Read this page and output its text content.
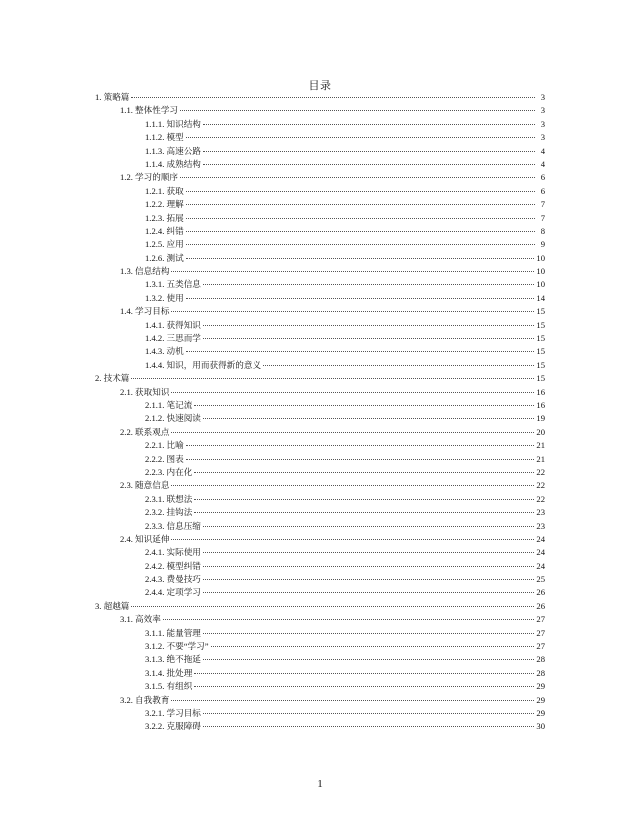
目录
1. 策略篇	3
1.1. 整体性学习	3
1.1.1. 知识结构	3
1.1.2. 模型	3
1.1.3. 高速公路	4
1.1.4. 成熟结构	4
1.2. 学习的顺序	6
1.2.1. 获取	6
1.2.2. 理解	7
1.2.3. 拓展	7
1.2.4. 纠错	8
1.2.5. 应用	9
1.2.6. 测试	10
1.3. 信息结构	10
1.3.1. 五类信息	10
1.3.2. 使用	14
1.4. 学习目标	15
1.4.1. 获得知识	15
1.4.2. 三思而学	15
1.4.3. 动机	15
1.4.4. 知识，用而获得新的意义	15
2. 技术篇	15
2.1. 获取知识	16
2.1.1. 笔记流	16
2.1.2. 快速阅读	19
2.2. 联系观点	20
2.2.1. 比喻	21
2.2.2. 图表	21
2.2.3. 内在化	22
2.3. 随意信息	22
2.3.1. 联想法	22
2.3.2. 挂钩法	23
2.3.3. 信息压缩	23
2.4. 知识延伸	24
2.4.1. 实际使用	24
2.4.2. 模型纠错	24
2.4.3. 费曼技巧	25
2.4.4. 定项学习	26
3. 超越篇	26
3.1. 高效率	27
3.1.1. 能量管理	27
3.1.2. 不要“学习”	27
3.1.3. 绝不拖延	28
3.1.4. 批处理	28
3.1.5. 有组织	29
3.2. 自我教育	29
3.2.1. 学习目标	29
3.2.2. 克服障碍	30
1
